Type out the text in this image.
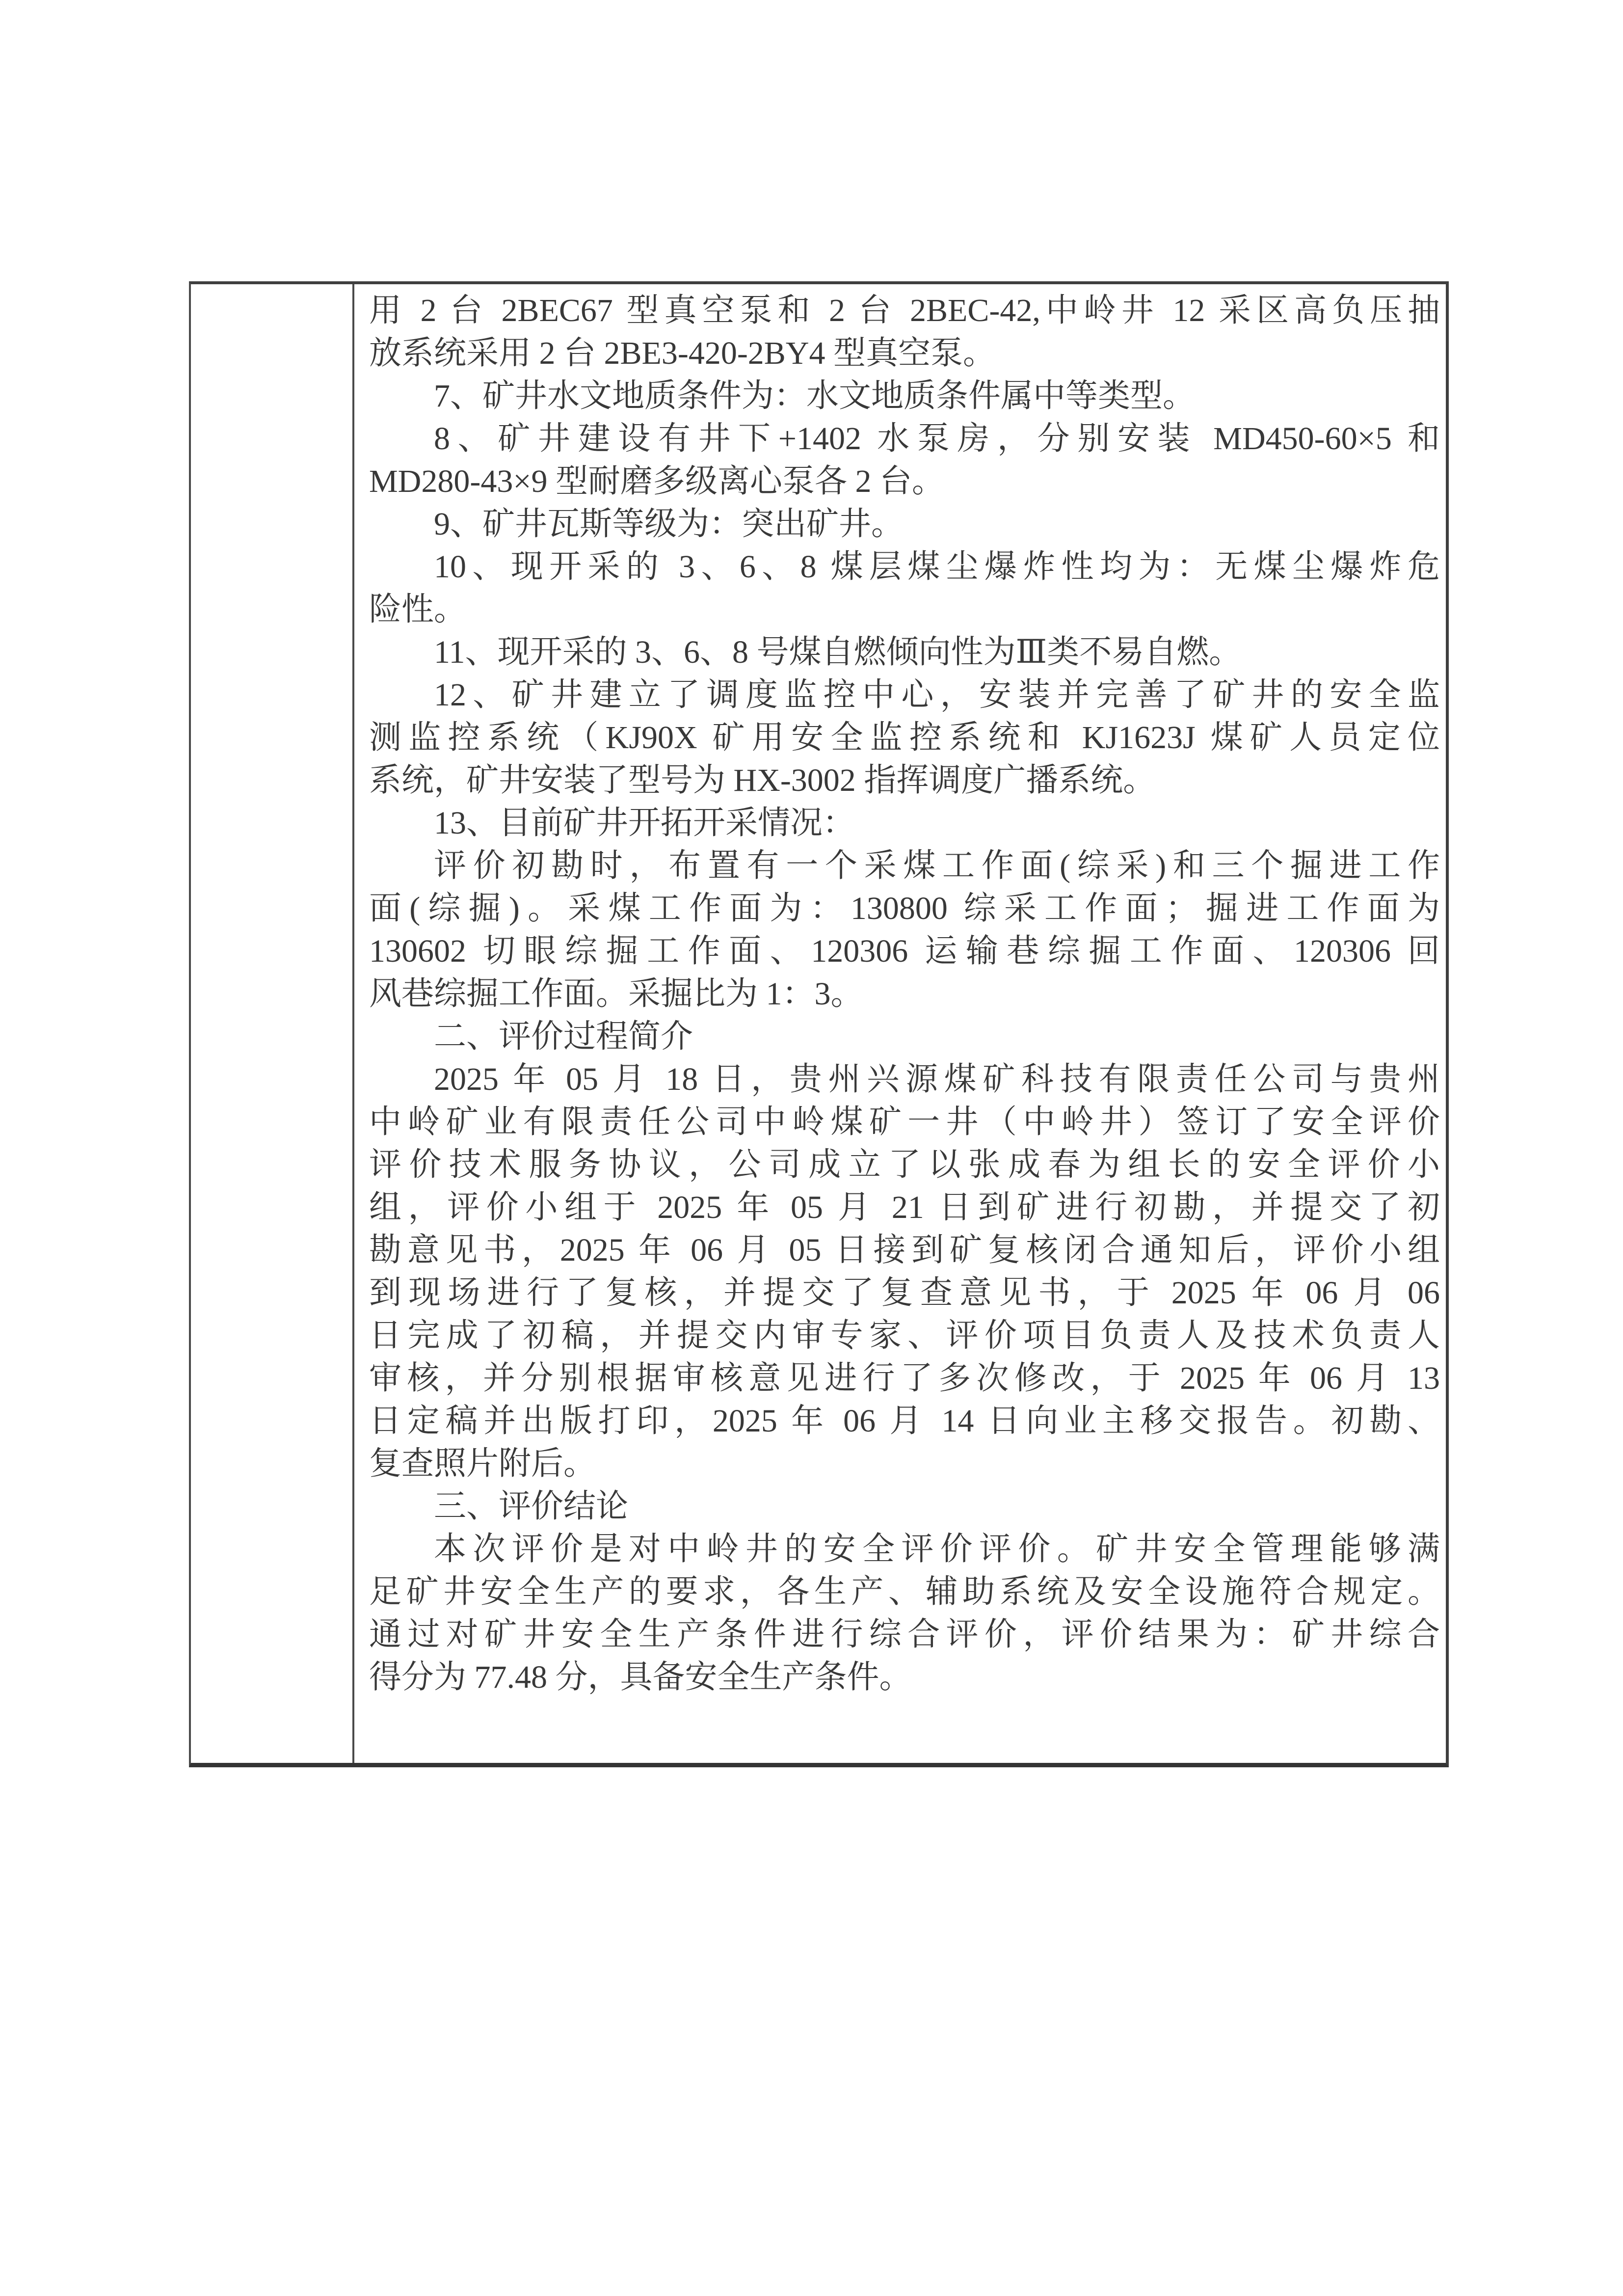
用 2 台 2BEC67 型真空泵和 2 台 2BEC-42,中岭井 12 采区高负压抽
放系统采用 2 台 2BE3-420-2BY4 型真空泵。
7、矿井水文地质条件为：水文地质条件属中等类型。
8、矿井建设有井下+1402 水泵房，分别安装 MD450-60×5 和
MD280-43×9 型耐磨多级离心泵各 2 台。
9、矿井瓦斯等级为：突出矿井。
10、现开采的 3、6、8 煤层煤尘爆炸性均为：无煤尘爆炸危
险性。
11、现开采的 3、6、8 号煤自燃倾向性为Ⅲ类不易自燃。
12、矿井建立了调度监控中心，安装并完善了矿井的安全监
测监控系统（KJ90X 矿用安全监控系统和 KJ1623J 煤矿人员定位
系统，矿井安装了型号为 HX-3002 指挥调度广播系统。
13、目前矿井开拓开采情况：
评价初勘时，布置有一个采煤工作面(综采)和三个掘进工作
面(综掘)。采煤工作面为：130800 综采工作面；掘进工作面为
130602 切眼综掘工作面、120306 运输巷综掘工作面、120306 回
风巷综掘工作面。采掘比为 1：3。
二、评价过程简介
2025 年 05 月 18 日，贵州兴源煤矿科技有限责任公司与贵州
中岭矿业有限责任公司中岭煤矿一井（中岭井）签订了安全评价
评价技术服务协议，公司成立了以张成春为组长的安全评价小
组，评价小组于 2025 年 05 月 21 日到矿进行初勘，并提交了初
勘意见书，2025 年 06 月 05 日接到矿复核闭合通知后，评价小组
到现场进行了复核，并提交了复查意见书，于 2025 年 06 月 06
日完成了初稿，并提交内审专家、评价项目负责人及技术负责人
审核，并分别根据审核意见进行了多次修改，于 2025 年 06 月 13
日定稿并出版打印，2025 年 06 月 14 日向业主移交报告。初勘、
复查照片附后。
三、评价结论
本次评价是对中岭井的安全评价评价。矿井安全管理能够满
足矿井安全生产的要求，各生产、辅助系统及安全设施符合规定。
通过对矿井安全生产条件进行综合评价，评价结果为：矿井综合
得分为 77.48 分，具备安全生产条件。
